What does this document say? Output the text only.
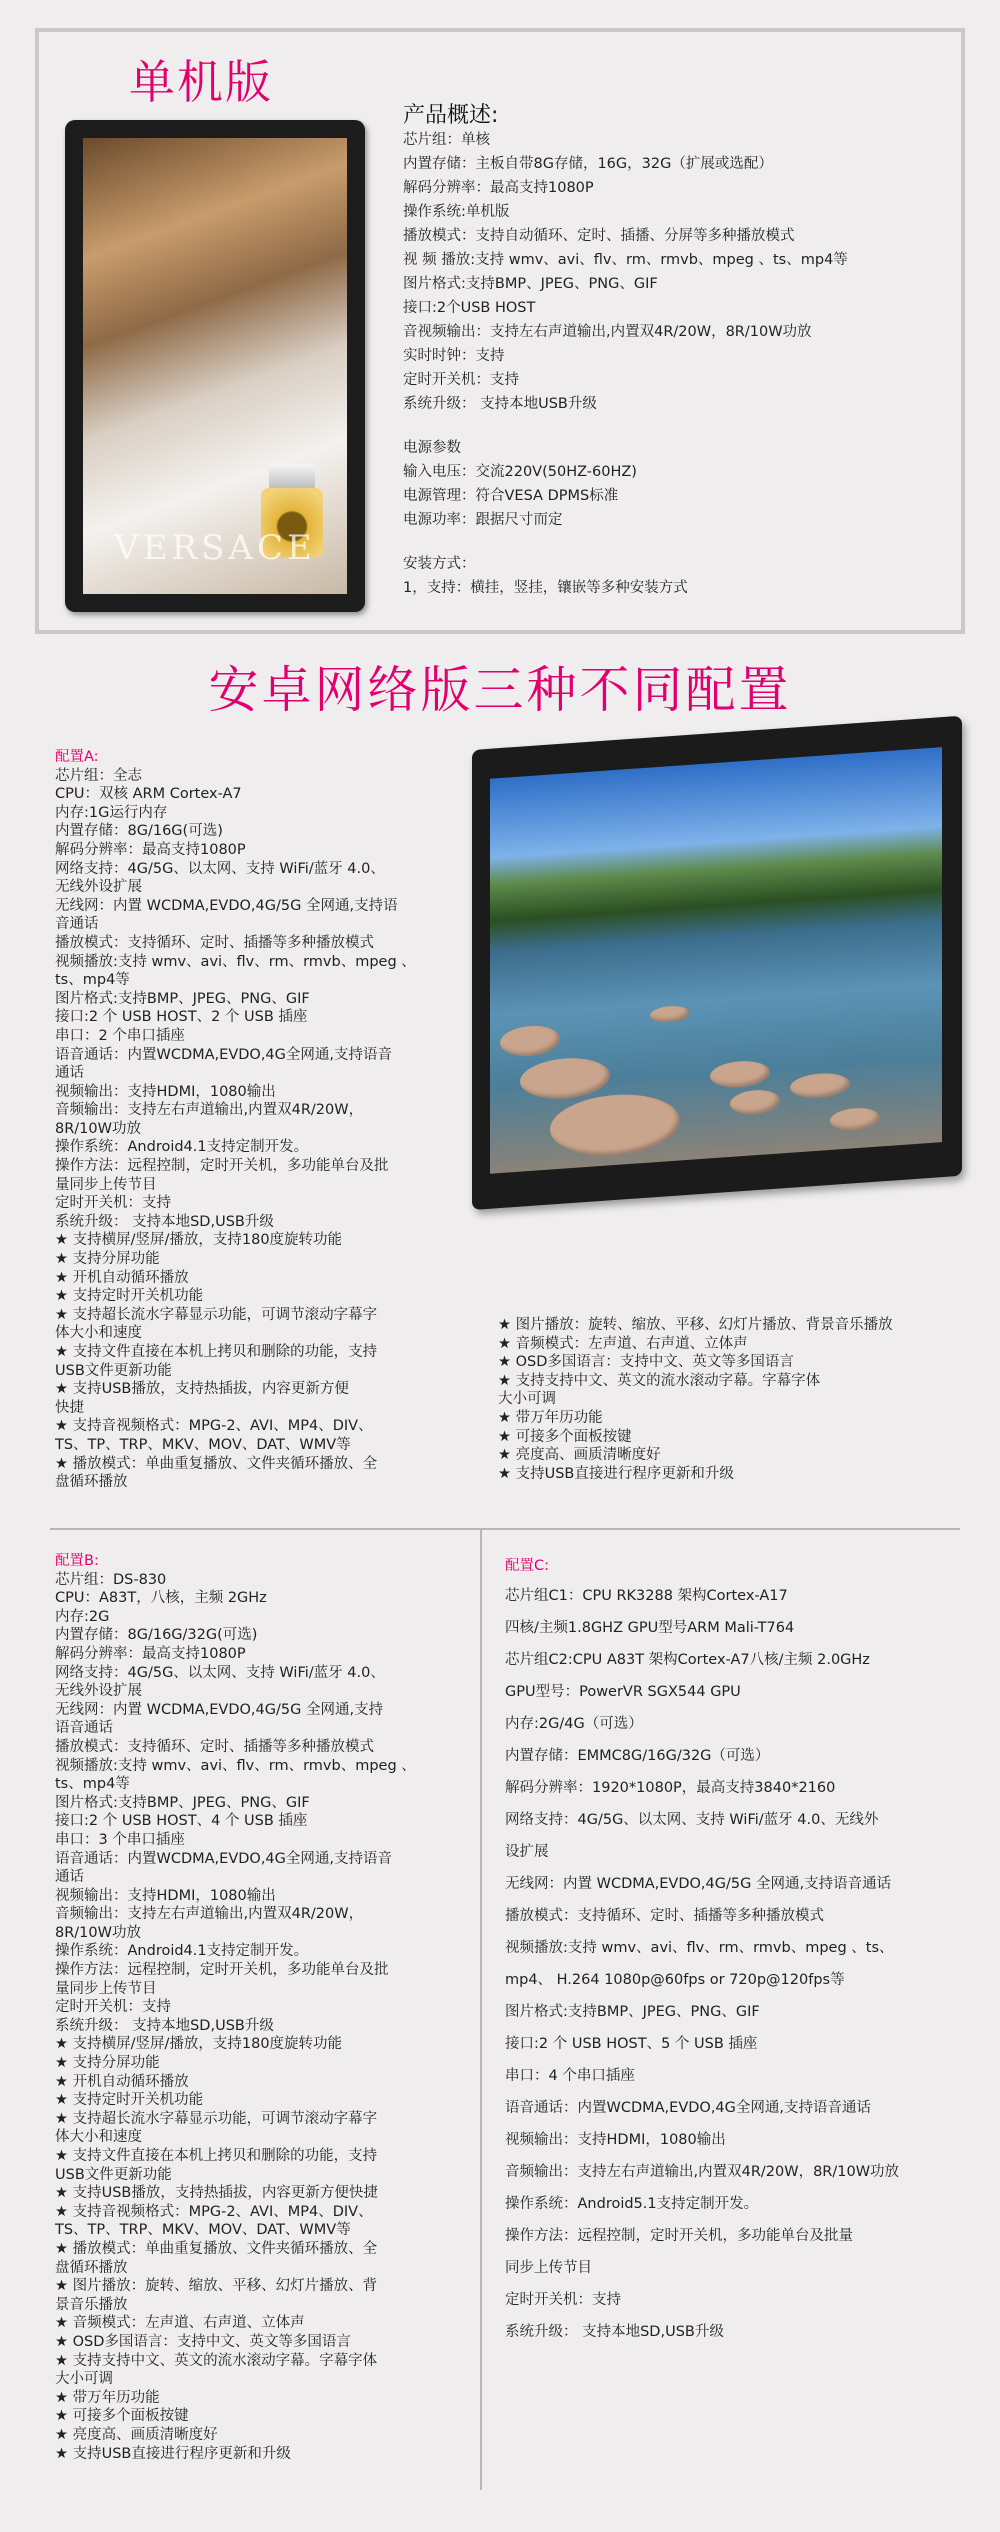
单机版
VERSACE
产品概述:
芯片组：单核
内置存储：主板自带8G存储，16G，32G（扩展或选配）
解码分辨率：最高支持1080P
操作系统:单机版
播放模式：支持自动循环、定时、插播、分屏等多种播放模式
视 频 播放:支持 wmv、avi、flv、rm、rmvb、mpeg 、ts、mp4等
图片格式:支持BMP、JPEG、PNG、GIF
接口:2个USB HOST
音视频输出：支持左右声道输出,内置双4R/20W，8R/10W功放
实时时钟：支持
定时开关机：支持
系统升级： 支持本地USB升级
电源参数
输入电压：交流220V(50HZ-60HZ)
电源管理：符合VESA DPMS标准
电源功率：跟据尺寸而定
安装方式：
1，支持：横挂，竖挂，镶嵌等多种安装方式
安卓网络版三种不同配置
配置A:
芯片组：全志
CPU：双核 ARM Cortex-A7
内存:1G运行内存
内置存储：8G/16G(可选)
解码分辨率：最高支持1080P
网络支持：4G/5G、以太网、支持 WiFi/蓝牙 4.0、
无线外设扩展
无线网：内置 WCDMA,EVDO,4G/5G 全网通,支持语
音通话
播放模式：支持循环、定时、插播等多种播放模式
视频播放:支持 wmv、avi、flv、rm、rmvb、mpeg 、
ts、mp4等
图片格式:支持BMP、JPEG、PNG、GIF
接口:2 个 USB HOST、2 个 USB 插座
串口：2 个串口插座
语音通话：内置WCDMA,EVDO,4G全网通,支持语音
通话
视频输出：支持HDMI，1080输出
音频输出：支持左右声道输出,内置双4R/20W，
8R/10W功放
操作系统：Android4.1支持定制开发。
操作方法：远程控制，定时开关机，多功能单台及批
量同步上传节目
定时开关机：支持
系统升级： 支持本地SD,USB升级
★ 支持横屏/竖屏/播放，支持180度旋转功能
★ 支持分屏功能
★ 开机自动循环播放
★ 支持定时开关机功能
★ 支持超长流水字幕显示功能，可调节滚动字幕字
体大小和速度
★ 支持文件直接在本机上拷贝和删除的功能，支持
USB文件更新功能
★ 支持USB播放，支持热插拔，内容更新方便
快捷
★ 支持音视频格式：MPG-2、AVI、MP4、DIV、
TS、TP、TRP、MKV、MOV、DAT、WMV等
★ 播放模式：单曲重复播放、文件夹循环播放、全
盘循环播放
★ 图片播放：旋转、缩放、平移、幻灯片播放、背景音乐播放
★ 音频模式：左声道、右声道、立体声
★ OSD多国语言：支持中文、英文等多国语言
★ 支持支持中文、英文的流水滚动字幕。字幕字体
大小可调
★ 带万年历功能
★ 可接多个面板按键
★ 亮度高、画质清晰度好
★ 支持USB直接进行程序更新和升级
配置B:
芯片组：DS-830
CPU：A83T，八核，主频 2GHz
内存:2G
内置存储：8G/16G/32G(可选)
解码分辨率：最高支持1080P
网络支持：4G/5G、以太网、支持 WiFi/蓝牙 4.0、
无线外设扩展
无线网：内置 WCDMA,EVDO,4G/5G 全网通,支持
语音通话
播放模式：支持循环、定时、插播等多种播放模式
视频播放:支持 wmv、avi、flv、rm、rmvb、mpeg 、
ts、mp4等
图片格式:支持BMP、JPEG、PNG、GIF
接口:2 个 USB HOST、4 个 USB 插座
串口：3 个串口插座
语音通话：内置WCDMA,EVDO,4G全网通,支持语音
通话
视频输出：支持HDMI，1080输出
音频输出：支持左右声道输出,内置双4R/20W，
8R/10W功放
操作系统：Android4.1支持定制开发。
操作方法：远程控制，定时开关机，多功能单台及批
量同步上传节目
定时开关机：支持
系统升级： 支持本地SD,USB升级
★ 支持横屏/竖屏/播放，支持180度旋转功能
★ 支持分屏功能
★ 开机自动循环播放
★ 支持定时开关机功能
★ 支持超长流水字幕显示功能，可调节滚动字幕字
体大小和速度
★ 支持文件直接在本机上拷贝和删除的功能，支持
USB文件更新功能
★ 支持USB播放，支持热插拔，内容更新方便快捷
★ 支持音视频格式：MPG-2、AVI、MP4、DIV、
TS、TP、TRP、MKV、MOV、DAT、WMV等
★ 播放模式：单曲重复播放、文件夹循环播放、全
盘循环播放
★ 图片播放：旋转、缩放、平移、幻灯片播放、背
景音乐播放
★ 音频模式：左声道、右声道、立体声
★ OSD多国语言：支持中文、英文等多国语言
★ 支持支持中文、英文的流水滚动字幕。字幕字体
大小可调
★ 带万年历功能
★ 可接多个面板按键
★ 亮度高、画质清晰度好
★ 支持USB直接进行程序更新和升级
配置C:
芯片组C1：CPU RK3288 架构Cortex-A17
四核/主频1.8GHZ GPU型号ARM Mali-T764
芯片组C2:CPU A83T 架构Cortex-A7八核/主频 2.0GHz
GPU型号：PowerVR SGX544 GPU
内存:2G/4G（可选）
内置存储：EMMC8G/16G/32G（可选）
解码分辨率：1920*1080P，最高支持3840*2160
网络支持：4G/5G、以太网、支持 WiFi/蓝牙 4.0、无线外
设扩展
无线网：内置 WCDMA,EVDO,4G/5G 全网通,支持语音通话
播放模式：支持循环、定时、插播等多种播放模式
视频播放:支持 wmv、avi、flv、rm、rmvb、mpeg 、ts、
mp4、 H.264 1080p@60fps or 720p@120fps等
图片格式:支持BMP、JPEG、PNG、GIF
接口:2 个 USB HOST、5 个 USB 插座
串口：4 个串口插座
语音通话：内置WCDMA,EVDO,4G全网通,支持语音通话
视频输出：支持HDMI，1080输出
音频输出：支持左右声道输出,内置双4R/20W，8R/10W功放
操作系统：Android5.1支持定制开发。
操作方法：远程控制，定时开关机，多功能单台及批量
同步上传节目
定时开关机：支持
系统升级： 支持本地SD,USB升级
